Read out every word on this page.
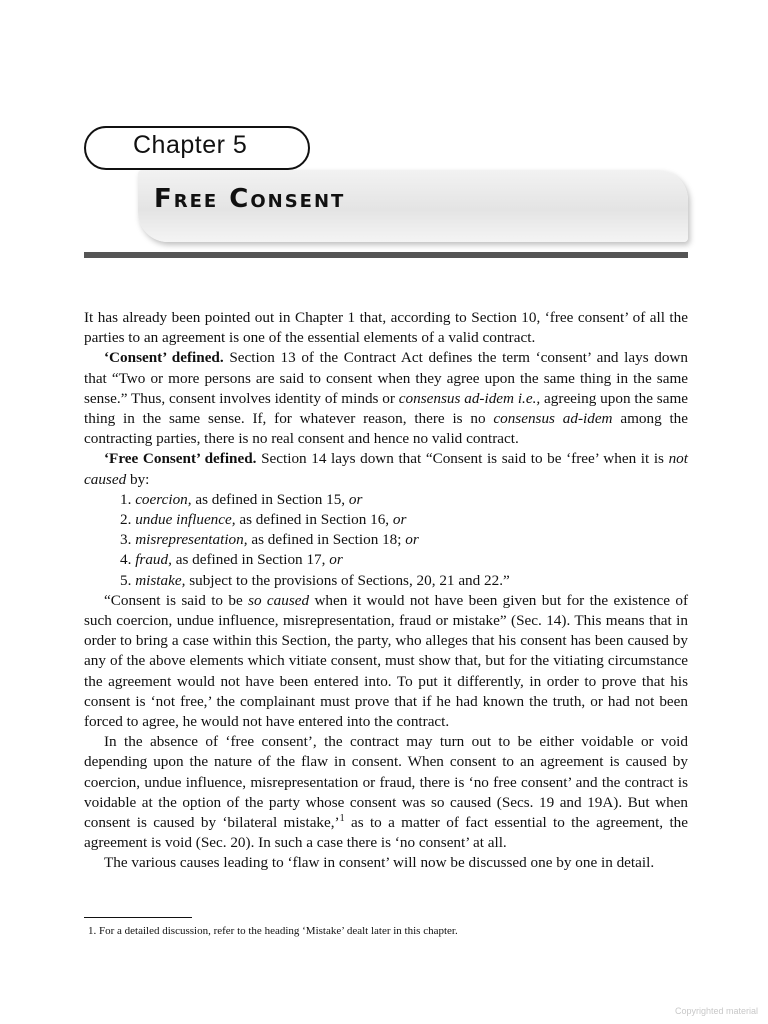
Chapter 5
Free Consent

It has already been pointed out in Chapter 1 that, according to Section 10, ‘free consent’ of all the parties to an agreement is one of the essential elements of a valid contract.

‘Consent’ defined. Section 13 of the Contract Act defines the term ‘consent’ and lays down that “Two or more persons are said to consent when they agree upon the same thing in the same sense.” Thus, consent involves identity of minds or consensus ad-idem i.e., agreeing upon the same thing in the same sense. If, for whatever reason, there is no consensus ad-idem among the contracting parties, there is no real consent and hence no valid contract.

‘Free Consent’ defined. Section 14 lays down that “Consent is said to be ‘free’ when it is not caused by:

1. coercion, as defined in Section 15, or
2. undue influence, as defined in Section 16, or
3. misrepresentation, as defined in Section 18; or
4. fraud, as defined in Section 17, or
5. mistake, subject to the provisions of Sections, 20, 21 and 22.”

“Consent is said to be so caused when it would not have been given but for the existence of such coercion, undue influence, misrepresentation, fraud or mistake” (Sec. 14). This means that in order to bring a case within this Section, the party, who alleges that his consent has been caused by any of the above elements which vitiate consent, must show that, but for the vitiating circumstance the agreement would not have been entered into. To put it differently, in order to prove that his consent is ‘not free,’ the complainant must prove that if he had known the truth, or had not been forced to agree, he would not have entered into the contract.

In the absence of ‘free consent’, the contract may turn out to be either voidable or void depending upon the nature of the flaw in consent. When consent to an agreement is caused by coercion, undue influence, misrepresentation or fraud, there is ‘no free consent’ and the contract is voidable at the option of the party whose consent was so caused (Secs. 19 and 19A). But when consent is caused by ‘bilateral mistake,’$^1$ as to a matter of fact essential to the agreement, the agreement is void (Sec. 20). In such a case there is ‘no consent’ at all.

The various causes leading to ‘flaw in consent’ will now be discussed one by one in detail.

1. For a detailed discussion, refer to the heading ‘Mistake’ dealt later in this chapter.
Copyrighted material
